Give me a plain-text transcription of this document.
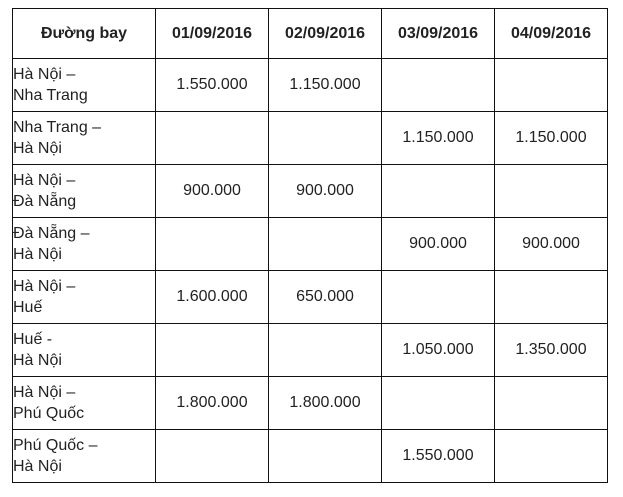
Đường bay	01/09/2016	02/09/2016	03/09/2016	04/09/2016

Hà Nội –
Nha Trang	1.550.000	1.150.000		

Nha Trang –
Hà Nội			1.150.000	1.150.000

Hà Nội –
Đà Nẵng	900.000	900.000		

Đà Nẵng –
Hà Nội			900.000	900.000

Hà Nội –
Huế	1.600.000	650.000		

Huế -
Hà Nội			1.050.000	1.350.000

Hà Nội –
Phú Quốc	1.800.000	1.800.000		

Phú Quốc –
Hà Nội			1.550.000	
